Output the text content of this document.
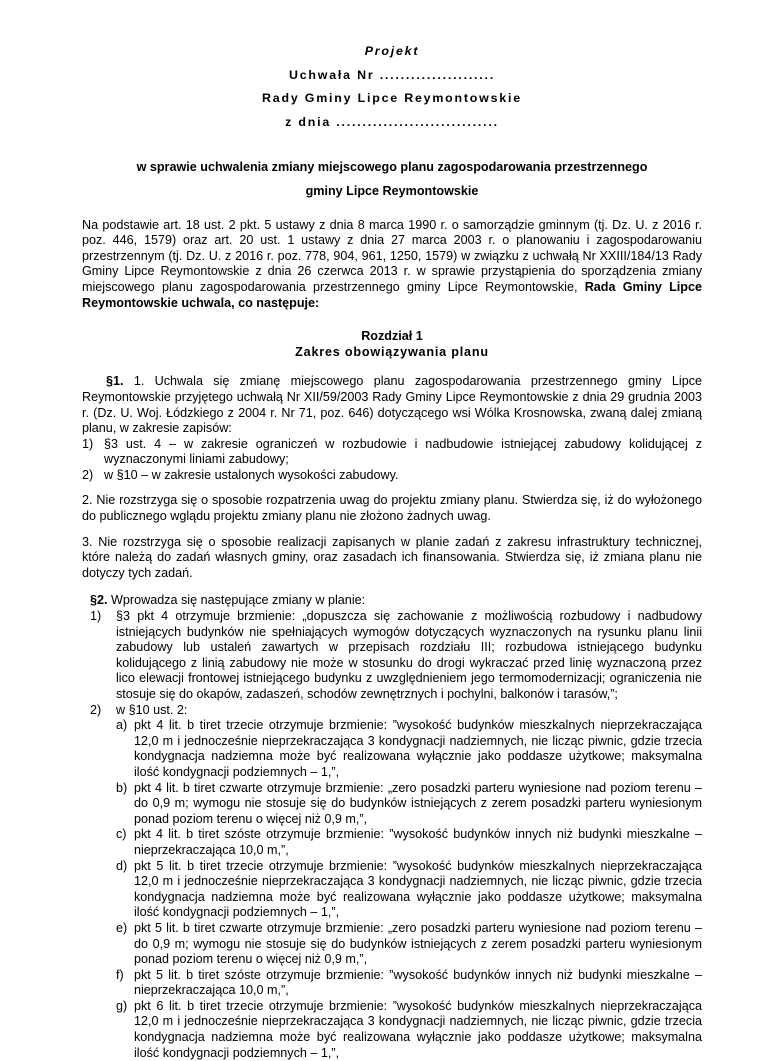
Projekt

Uchwała Nr ......................

Rady Gminy Lipce Reymontowskie

z dnia ...............................

w sprawie uchwalenia zmiany miejscowego planu zagospodarowania przestrzennego

gminy Lipce Reymontowskie

Na podstawie art. 18 ust. 2 pkt. 5 ustawy z dnia 8 marca 1990 r. o samorządzie gminnym (tj. Dz. U. z 2016 r. poz. 446, 1579) oraz art. 20 ust. 1 ustawy z dnia 27 marca 2003 r. o planowaniu i zagospodarowaniu przestrzennym (tj. Dz. U. z 2016 r. poz. 778, 904, 961, 1250, 1579) w związku z uchwałą Nr XXIII/184/13 Rady Gminy Lipce Reymontowskie z dnia 26 czerwca 2013 r. w sprawie przystąpienia do sporządzenia zmiany miejscowego planu zagospodarowania przestrzennego gminy Lipce Reymontowskie, Rada Gminy Lipce Reymontowskie uchwala, co następuje:

Rozdział 1

Zakres obowiązywania planu

§1. 1. Uchwala się zmianę miejscowego planu zagospodarowania przestrzennego gminy Lipce Reymontowskie przyjętego uchwałą Nr XII/59/2003 Rady Gminy Lipce Reymontowskie z dnia 29 grudnia 2003 r. (Dz. U. Woj. Łódzkiego z 2004 r. Nr 71, poz. 646) dotyczącego wsi Wólka Krosnowska, zwaną dalej zmianą planu, w zakresie zapisów:

1) §3 ust. 4 – w zakresie ograniczeń w rozbudowie i nadbudowie istniejącej zabudowy kolidującej z wyznaczonymi liniami zabudowy;
2) w §10 – w zakresie ustalonych wysokości zabudowy.

2. Nie rozstrzyga się o sposobie rozpatrzenia uwag do projektu zmiany planu. Stwierdza się, iż do wyłożonego do publicznego wglądu projektu zmiany planu nie złożono żadnych uwag.

3. Nie rozstrzyga się o sposobie realizacji zapisanych w planie zadań z zakresu infrastruktury technicznej, które należą do zadań własnych gminy, oraz zasadach ich finansowania. Stwierdza się, iż zmiana planu nie dotyczy tych zadań.

§2. Wprowadza się następujące zmiany w planie:

1) §3 pkt 4 otrzymuje brzmienie: „dopuszcza się zachowanie z możliwością rozbudowy i nadbudowy istniejących budynków nie spełniających wymogów dotyczących wyznaczonych na rysunku planu linii zabudowy lub ustaleń zawartych w przepisach rozdziału III; rozbudowa istniejącego budynku kolidującego z linią zabudowy nie może w stosunku do drogi wykraczać przed linię wyznaczoną przez lico elewacji frontowej istniejącego budynku z uwzględnieniem jego termomodernizacji; ograniczenia nie stosuje się do okapów, zadaszeń, schodów zewnętrznych i pochylni, balkonów i tarasów,”;
2) w §10 ust. 2:
a) pkt 4 lit. b tiret trzecie otrzymuje brzmienie: ”wysokość budynków mieszkalnych nieprzekraczająca 12,0 m i jednocześnie nieprzekraczająca 3 kondygnacji nadziemnych, nie licząc piwnic, gdzie trzecia kondygnacja nadziemna może być realizowana wyłącznie jako poddasze użytkowe; maksymalna ilość kondygnacji podziemnych – 1,”,
b) pkt 4 lit. b tiret czwarte otrzymuje brzmienie: „zero posadzki parteru wyniesione nad poziom terenu – do 0,9 m; wymogu nie stosuje się do budynków istniejących z zerem posadzki parteru wyniesionym ponad poziom terenu o więcej niż 0,9 m,”,
c) pkt 4 lit. b tiret szóste otrzymuje brzmienie: ”wysokość budynków innych niż budynki mieszkalne – nieprzekraczająca 10,0 m,”,
d) pkt 5 lit. b tiret trzecie otrzymuje brzmienie: ”wysokość budynków mieszkalnych nieprzekraczająca 12,0 m i jednocześnie nieprzekraczająca 3 kondygnacji nadziemnych, nie licząc piwnic, gdzie trzecia kondygnacja nadziemna może być realizowana wyłącznie jako poddasze użytkowe; maksymalna ilość kondygnacji podziemnych – 1,”,
e) pkt 5 lit. b tiret czwarte otrzymuje brzmienie: „zero posadzki parteru wyniesione nad poziom terenu – do 0,9 m; wymogu nie stosuje się do budynków istniejących z zerem posadzki parteru wyniesionym ponad poziom terenu o więcej niż 0,9 m,”,
f) pkt 5 lit. b tiret szóste otrzymuje brzmienie: ”wysokość budynków innych niż budynki mieszkalne – nieprzekraczająca 10,0 m,”,
g) pkt 6 lit. b tiret trzecie otrzymuje brzmienie: ”wysokość budynków mieszkalnych nieprzekraczająca 12,0 m i jednocześnie nieprzekraczająca 3 kondygnacji nadziemnych, nie licząc piwnic, gdzie trzecia kondygnacja nadziemna może być realizowana wyłącznie jako poddasze użytkowe; maksymalna ilość kondygnacji podziemnych – 1,”,
